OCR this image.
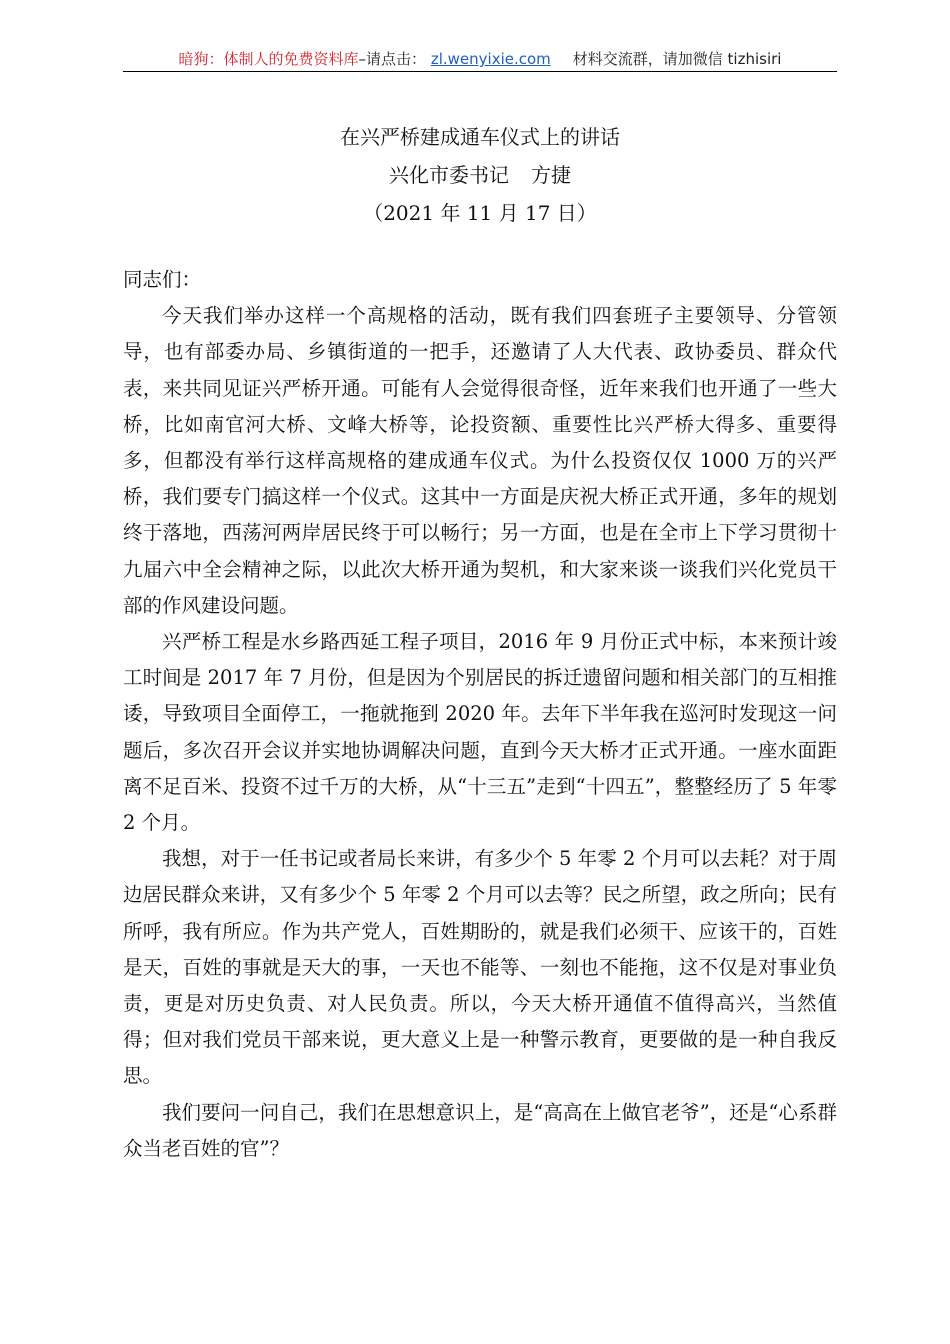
暗狗：体制人的免费资料库–请点击： zl.wenyixie.com 材料交流群，请加微信 tizhisiri
在兴严桥建成通车仪式上的讲话
兴化市委书记 方捷
（2021 年 11 月 17 日）

同志们：

今天我们举办这样一个高规格的活动，既有我们四套班子主要领导、分管领导，也有部委办局、乡镇街道的一把手，还邀请了人大代表、政协委员、群众代表，来共同见证兴严桥开通。可能有人会觉得很奇怪，近年来我们也开通了一些大桥，比如南官河大桥、文峰大桥等，论投资额、重要性比兴严桥大得多、重要得多，但都没有举行这样高规格的建成通车仪式。为什么投资仅仅 1000 万的兴严桥，我们要专门搞这样一个仪式。这其中一方面是庆祝大桥正式开通，多年的规划终于落地，西荡河两岸居民终于可以畅行；另一方面，也是在全市上下学习贯彻十九届六中全会精神之际，以此次大桥开通为契机，和大家来谈一谈我们兴化党员干部的作风建设问题。

兴严桥工程是水乡路西延工程子项目，2016 年 9 月份正式中标，本来预计竣工时间是 2017 年 7 月份，但是因为个别居民的拆迁遗留问题和相关部门的互相推诿，导致项目全面停工，一拖就拖到 2020 年。去年下半年我在巡河时发现这一问题后，多次召开会议并实地协调解决问题，直到今天大桥才正式开通。一座水面距离不足百米、投资不过千万的大桥，从“十三五”走到“十四五”，整整经历了 5 年零 2 个月。

我想，对于一任书记或者局长来讲，有多少个 5 年零 2 个月可以去耗？对于周边居民群众来讲，又有多少个 5 年零 2 个月可以去等？民之所望，政之所向；民有所呼，我有所应。作为共产党人，百姓期盼的，就是我们必须干、应该干的，百姓是天，百姓的事就是天大的事，一天也不能等、一刻也不能拖，这不仅是对事业负责，更是对历史负责、对人民负责。所以，今天大桥开通值不值得高兴，当然值得；但对我们党员干部来说，更大意义上是一种警示教育，更要做的是一种自我反思。

我们要问一问自己，我们在思想意识上，是“高高在上做官老爷”，还是“心系群众当老百姓的官”？
